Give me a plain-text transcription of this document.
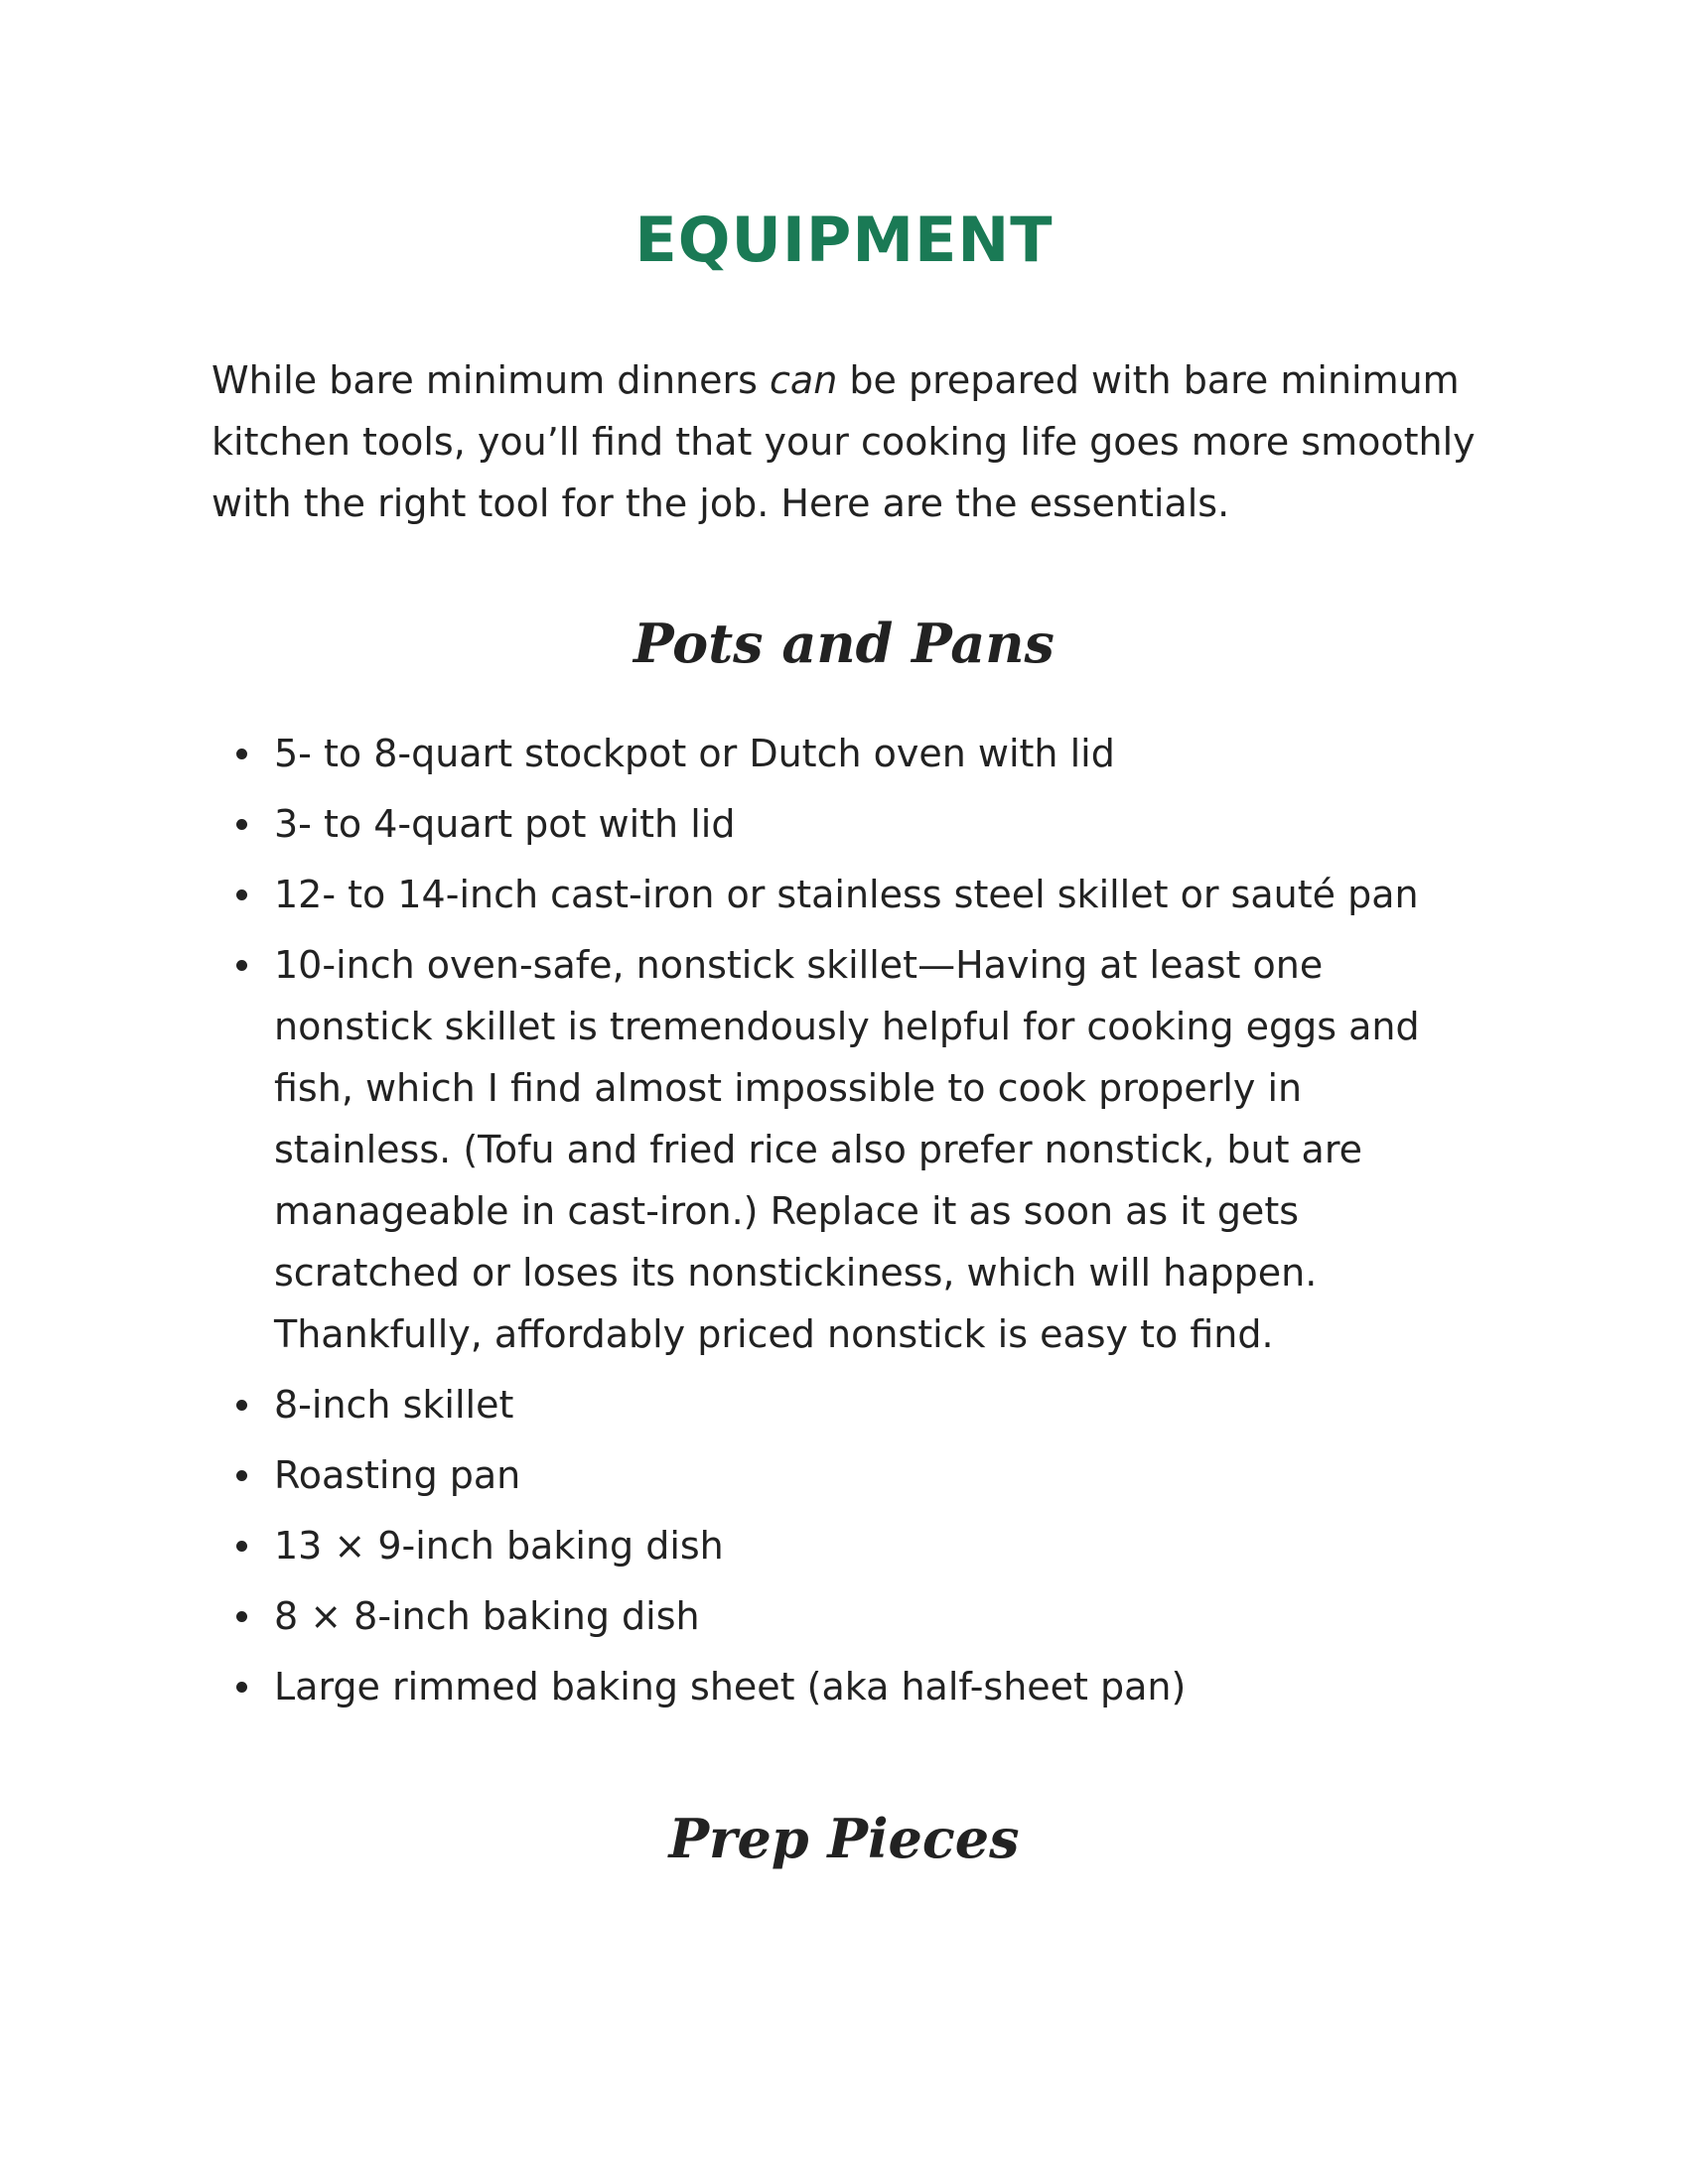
EQUIPMENT

While bare minimum dinners can be prepared with bare minimum kitchen tools, you’ll find that your cooking life goes more smoothly with the right tool for the job. Here are the essentials.

Pots and Pans
5- to 8-quart stockpot or Dutch oven with lid
3- to 4-quart pot with lid
12- to 14-inch cast-iron or stainless steel skillet or sauté pan
10-inch oven-safe, nonstick skillet—Having at least one nonstick skillet is tremendously helpful for cooking eggs and fish, which I find almost impossible to cook properly in stainless. (Tofu and fried rice also prefer nonstick, but are manageable in cast-iron.) Replace it as soon as it gets scratched or loses its nonstickiness, which will happen. Thankfully, affordably priced nonstick is easy to find.
8-inch skillet
Roasting pan
13 × 9-inch baking dish
8 × 8-inch baking dish
Large rimmed baking sheet (aka half-sheet pan)
Prep Pieces
